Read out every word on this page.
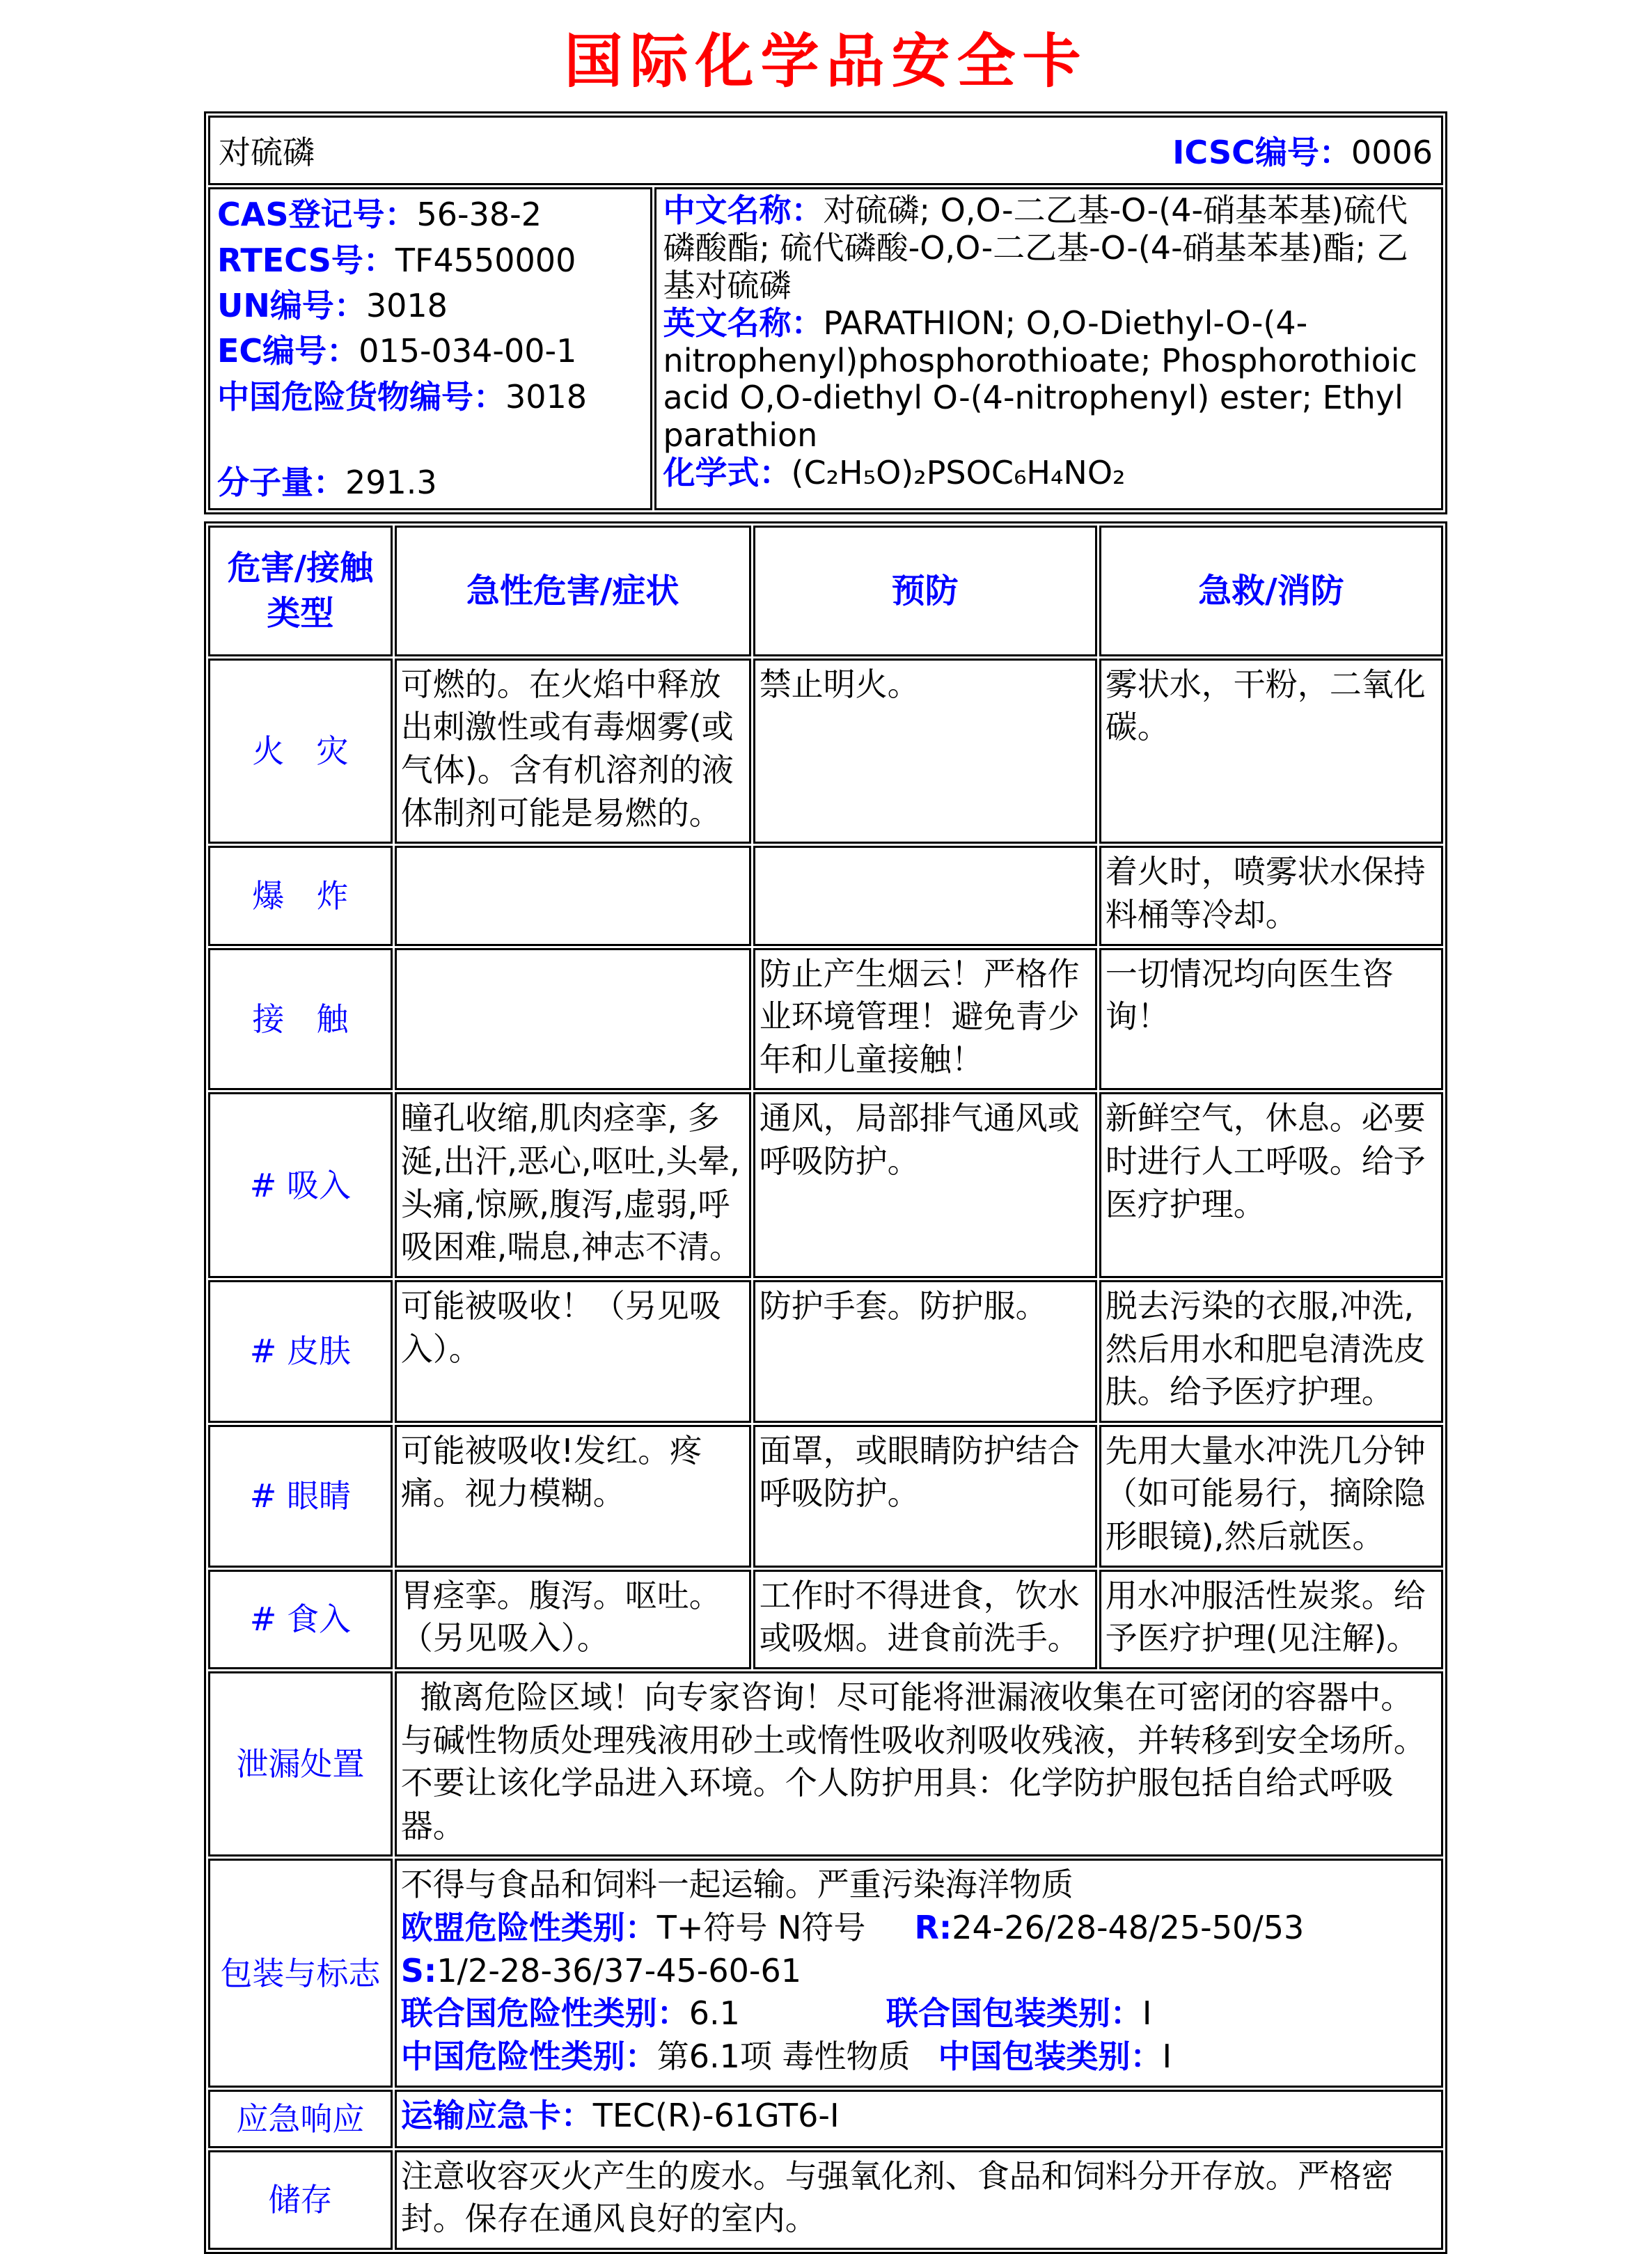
国际化学品安全卡
对硫磷	ICSC编号：0006

CAS登记号：56-38-2
RTECS号：TF4550000
UN编号：3018
EC编号：015-034-00-1
中国危险货物编号：3018
分子量：291.3

中文名称：对硫磷; O,O-二乙基-O-(4-硝基苯基)硫代磷酸酯; 硫代磷酸-O,O-二乙基-O-(4-硝基苯基)酯; 乙基对硫磷
英文名称：PARATHION; O,O-Diethyl-O-(4-nitrophenyl)phosphorothioate; Phosphorothioic acid O,O-diethyl O-(4-nitrophenyl) ester; Ethyl parathion
化学式：(C₂H₅O)₂PSOC₆H₄NO₂
危害/接触类型	急性危害/症状	预防	急救/消防
火　灾	可燃的。在火焰中释放出刺激性或有毒烟雾(或气体)。含有机溶剂的液体制剂可能是易燃的。	禁止明火。	雾状水，干粉，二氧化碳。
爆　炸			着火时，喷雾状水保持料桶等冷却。
接　触		防止产生烟云！严格作业环境管理！避免青少年和儿童接触！	一切情况均向医生咨询！
# 吸入	瞳孔收缩,肌肉痉挛, 多涎,出汗,恶心,呕吐,头晕,头痛,惊厥,腹泻,虚弱,呼吸困难,喘息,神志不清。	通风，局部排气通风或呼吸防护。	新鲜空气，休息。必要时进行人工呼吸。给予医疗护理。
# 皮肤	可能被吸收！（另见吸入）。	防护手套。防护服。	脱去污染的衣服,冲洗,然后用水和肥皂清洗皮肤。给予医疗护理。
# 眼睛	可能被吸收!发红。疼痛。视力模糊。	面罩，或眼睛防护结合呼吸防护。	先用大量水冲洗几分钟（如可能易行，摘除隐形眼镜),然后就医。
# 食入	胃痉挛。腹泻。呕吐。（另见吸入）。	工作时不得进食，饮水或吸烟。进食前洗手。	用水冲服活性炭浆。给予医疗护理(见注解)。
泄漏处置	撤离危险区域！向专家咨询！尽可能将泄漏液收集在可密闭的容器中。与碱性物质处理残液用砂土或惰性吸收剂吸收残液，并转移到安全场所。不要让该化学品进入环境。个人防护用具：化学防护服包括自给式呼吸器。		
包装与标志	不得与食品和饲料一起运输。严重污染海洋物质
欧盟危险性类别：T+符号 N符号 R:24-26/28-48/25-50/53S:1/2-28-36/37-45-60-61
联合国危险性类别：6.1 联合国包装类别：I
中国危险性类别：第6.1项 毒性物质 中国包装类别：I		

应急响应	运输应急卡：TEC(R)-61GT6-I		
储存	注意收容灭火产生的废水。与强氧化剂、食品和饲料分开存放。严格密封。保存在通风良好的室内。		
